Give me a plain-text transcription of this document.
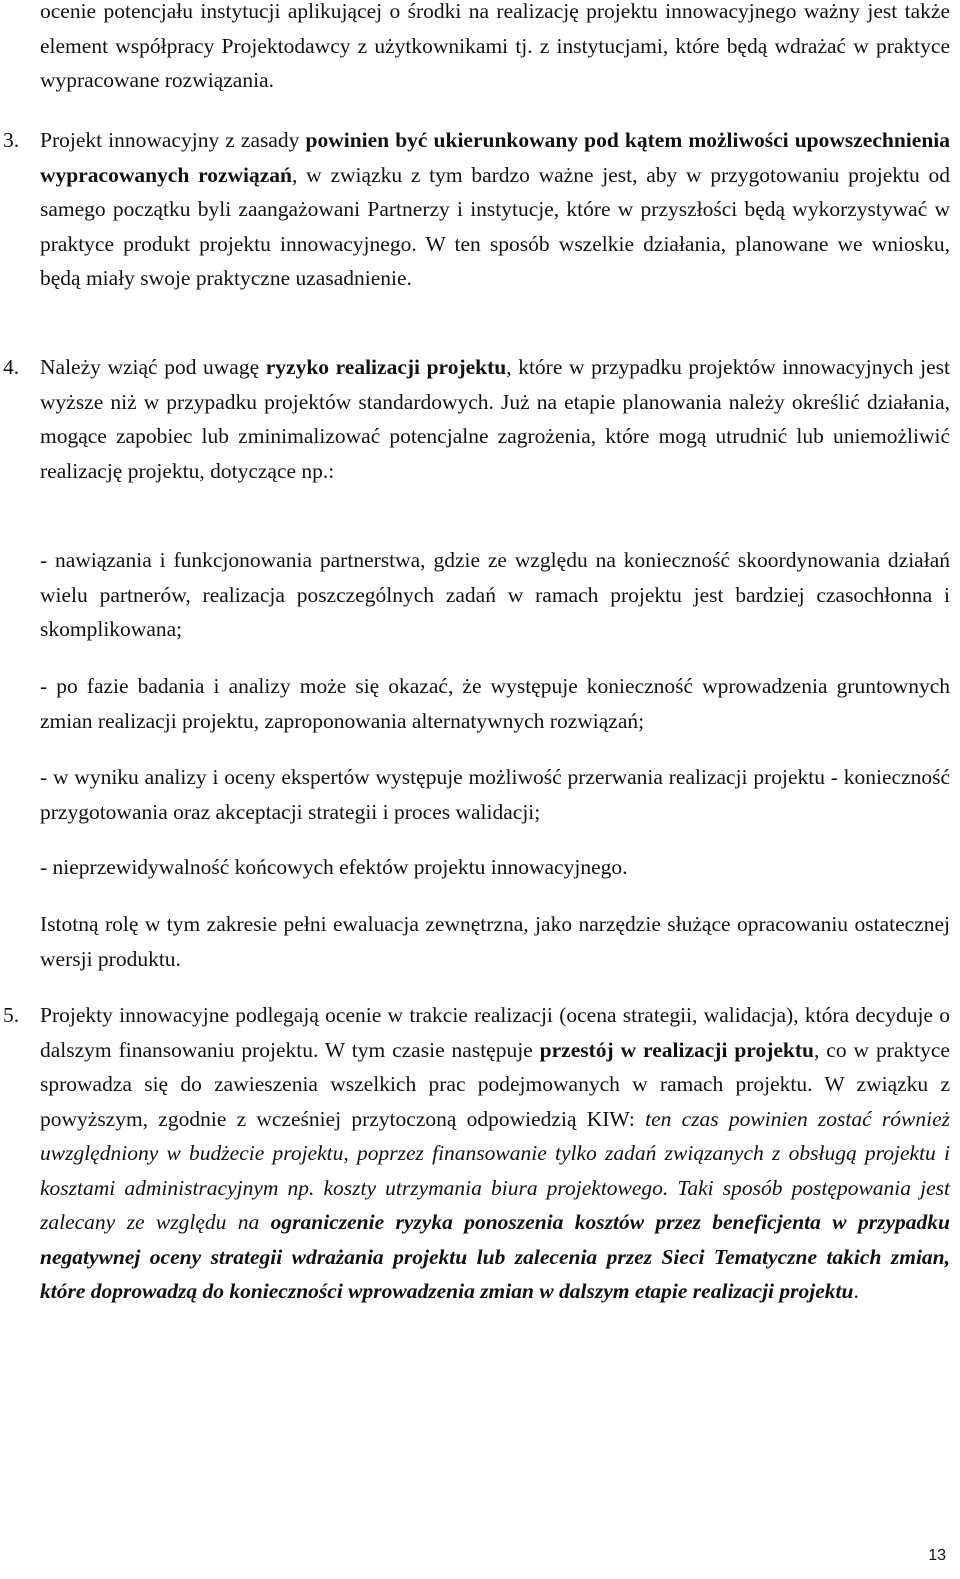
ocenie potencjału instytucji aplikującej o środki na realizację projektu innowacyjnego ważny jest także element współpracy Projektodawcy z użytkownikami tj. z instytucjami, które będą wdrażać w praktyce wypracowane rozwiązania.

3. Projekt innowacyjny z zasady powinien być ukierunkowany pod kątem możliwości upowszechnienia wypracowanych rozwiązań, w związku z tym bardzo ważne jest, aby w przygotowaniu projektu od samego początku byli zaangażowani Partnerzy i instytucje, które w przyszłości będą wykorzystywać w praktyce produkt projektu innowacyjnego. W ten sposób wszelkie działania, planowane we wniosku, będą miały swoje praktyczne uzasadnienie.

4. Należy wziąć pod uwagę ryzyko realizacji projektu, które w przypadku projektów innowacyjnych jest wyższe niż w przypadku projektów standardowych. Już na etapie planowania należy określić działania, mogące zapobiec lub zminimalizować potencjalne zagrożenia, które mogą utrudnić lub uniemożliwić realizację projektu, dotyczące np.:

- nawiązania i funkcjonowania partnerstwa, gdzie ze względu na konieczność skoordynowania działań wielu partnerów, realizacja poszczególnych zadań w ramach projektu jest bardziej czasochłonna i skomplikowana;

- po fazie badania i analizy może się okazać, że występuje konieczność wprowadzenia gruntownych zmian realizacji projektu, zaproponowania alternatywnych rozwiązań;

- w wyniku analizy i oceny ekspertów występuje możliwość przerwania realizacji projektu - konieczność przygotowania oraz akceptacji strategii i proces walidacji;

- nieprzewidywalność końcowych efektów projektu innowacyjnego.

Istotną rolę w tym zakresie pełni ewaluacja zewnętrzna, jako narzędzie służące opracowaniu ostatecznej wersji produktu.

5. Projekty innowacyjne podlegają ocenie w trakcie realizacji (ocena strategii, walidacja), która decyduje o dalszym finansowaniu projektu. W tym czasie następuje przestój w realizacji projektu, co w praktyce sprowadza się do zawieszenia wszelkich prac podejmowanych w ramach projektu. W związku z powyższym, zgodnie z wcześniej przytoczoną odpowiedzią KIW: ten czas powinien zostać również uwzględniony w budżecie projektu, poprzez finansowanie tylko zadań związanych z obsługą projektu i kosztami administracyjnym np. koszty utrzymania biura projektowego. Taki sposób postępowania jest zalecany ze względu na ograniczenie ryzyka ponoszenia kosztów przez beneficjenta w przypadku negatywnej oceny strategii wdrażania projektu lub zalecenia przez Sieci Tematyczne takich zmian, które doprowadzą do konieczności wprowadzenia zmian w dalszym etapie realizacji projektu.

13
